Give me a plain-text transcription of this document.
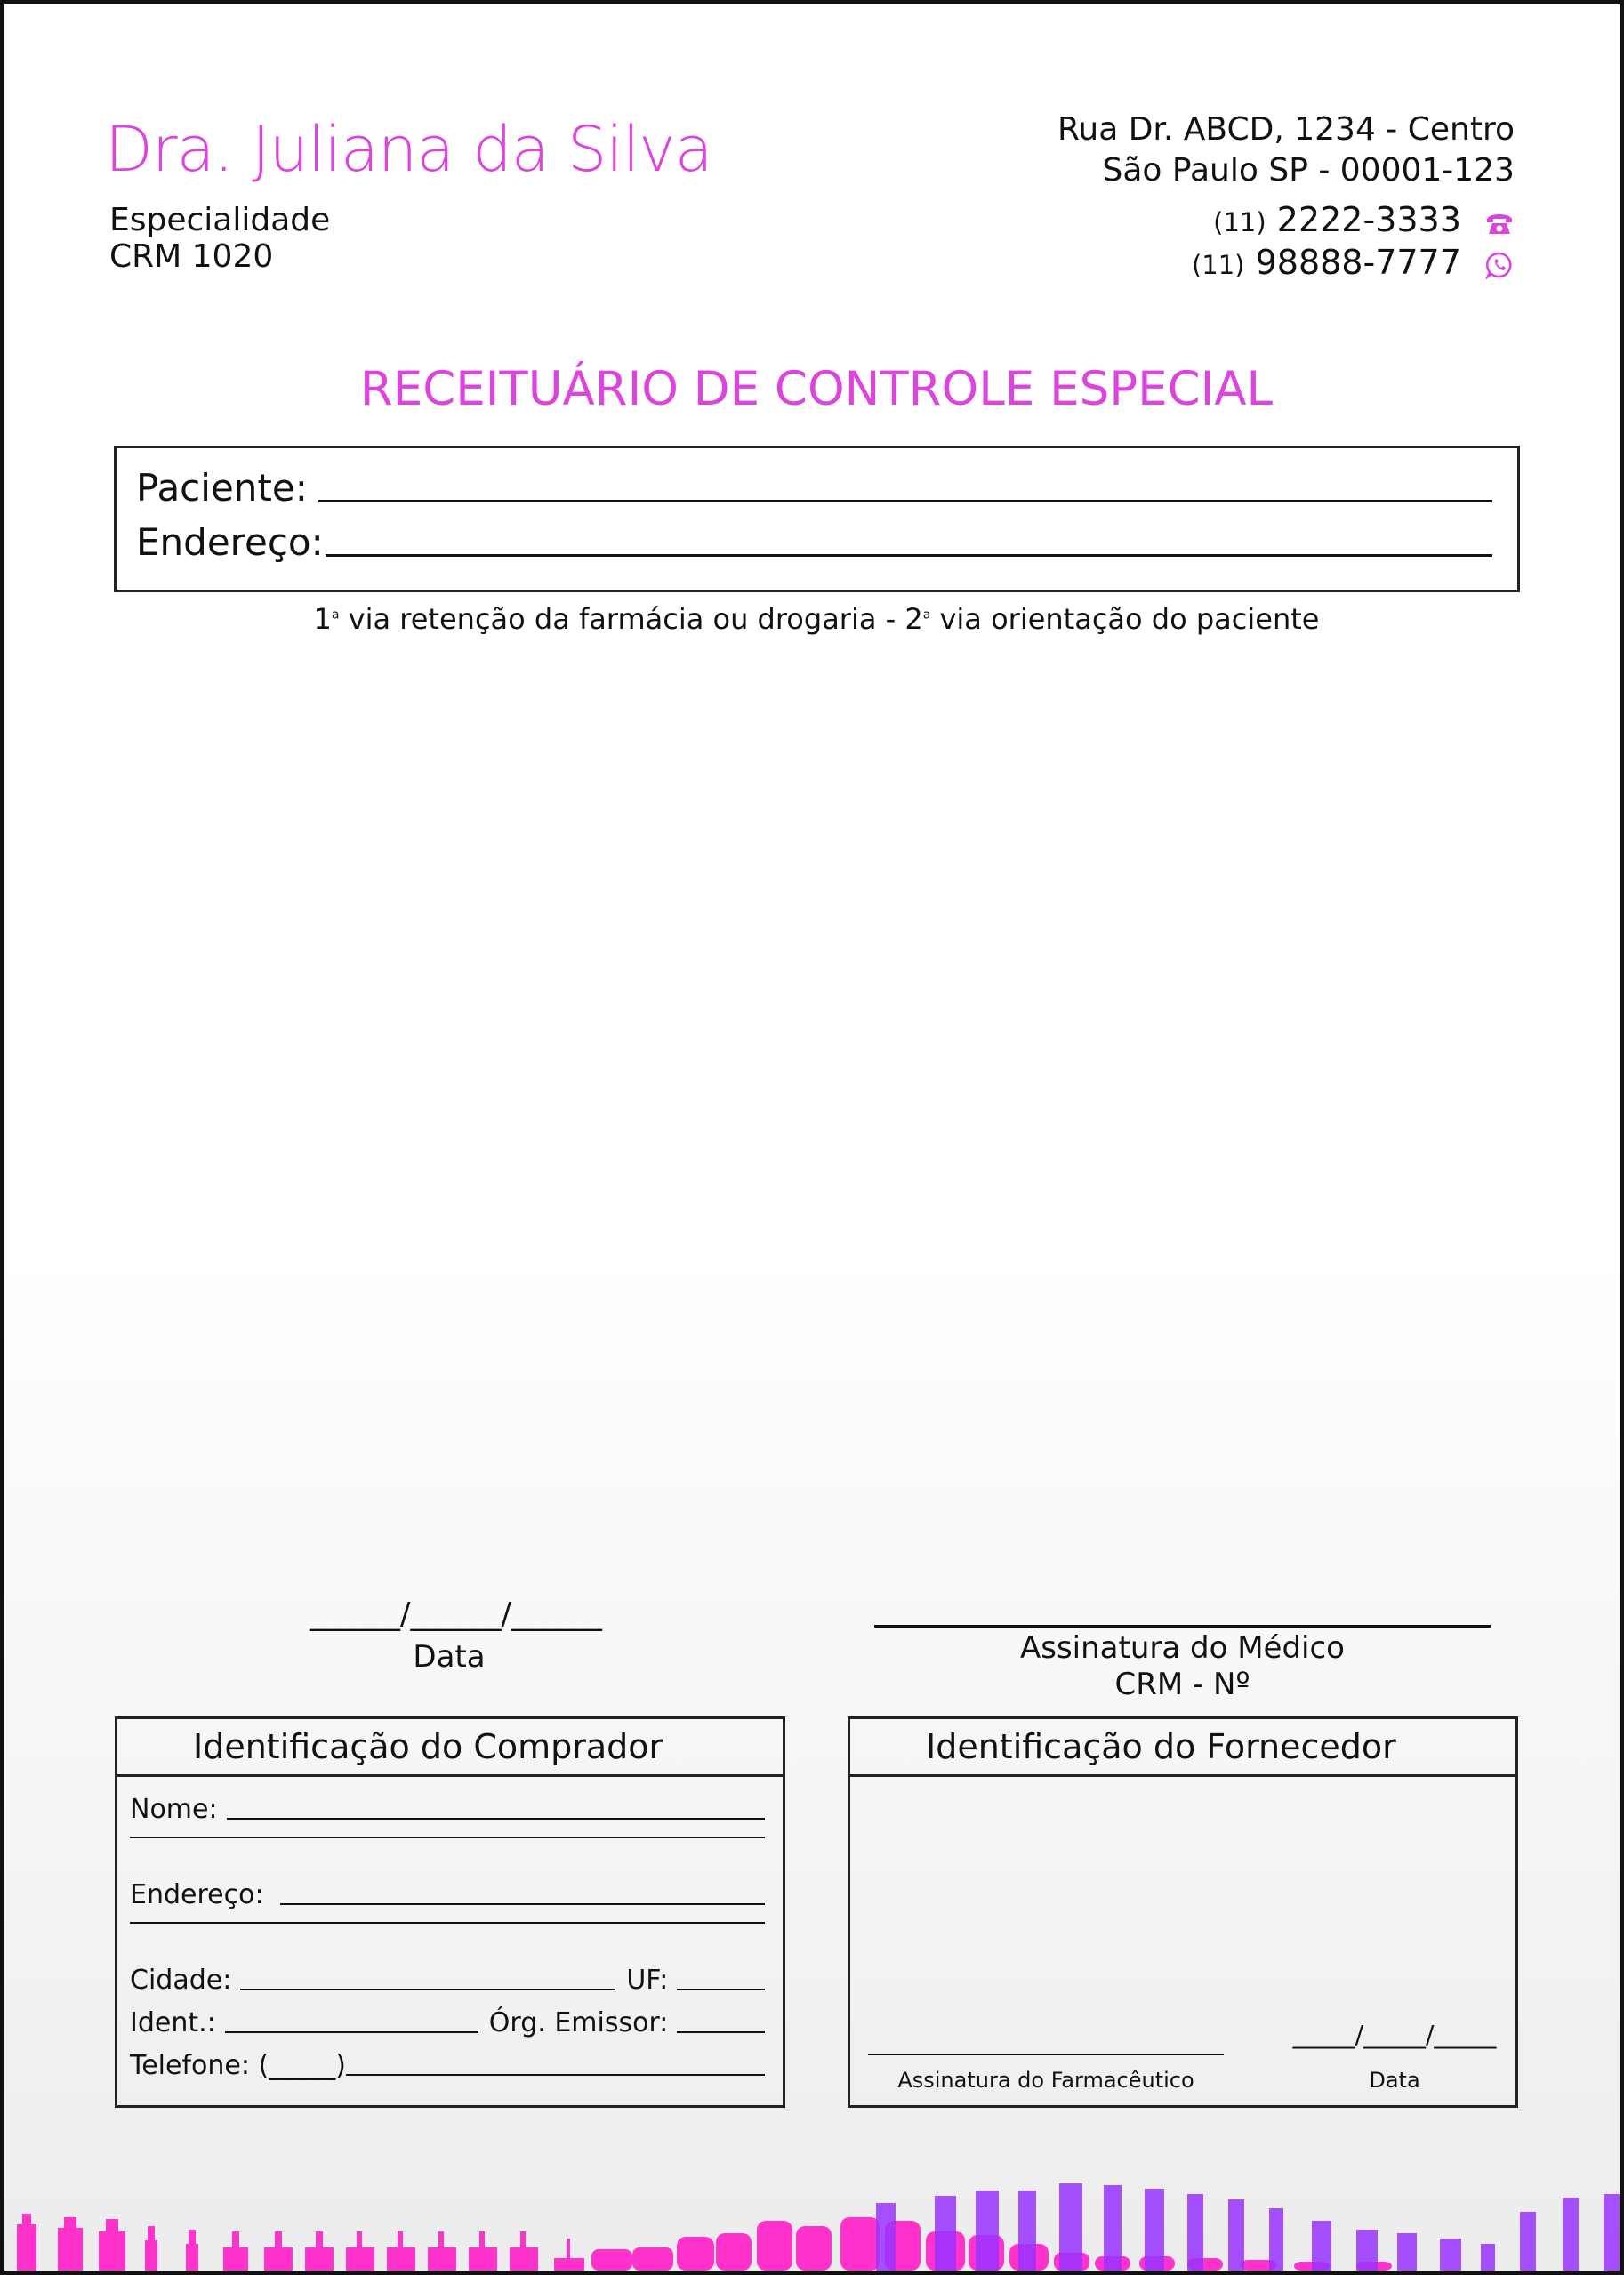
Dra. Juliana da Silva
Especialidade
CRM 1020
Rua Dr. ABCD, 1234 - Centro
São Paulo SP - 00001-123
(11) 2222-3333
(11) 98888-7777
RECEITUÁRIO DE CONTROLE ESPECIAL
Paciente:
Endereço:
1$^a$ via retenção da farmácia ou drogaria - 2$^a$ via orientação do paciente
______/______/______
Data	Assinatura do Médico
CRM - Nº
Identificação do Comprador
Nome:
Endereço:
Cidade:	UF:
Ident.:	Órg. Emissor:
Telefone: (_____)
Identificação do Fornecedor
Assinatura do Farmacêutico
_____/_____/_____
Data
